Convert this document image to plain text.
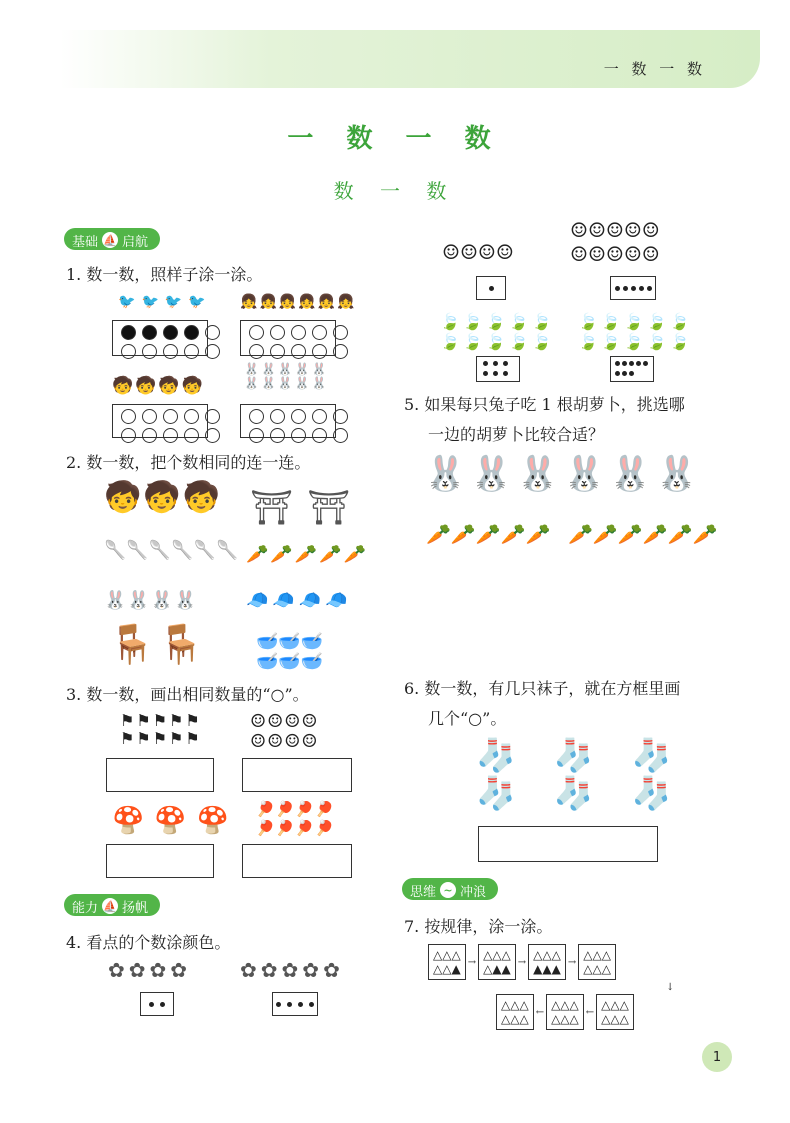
一 数 一 数
一 数 一 数
数 一 数
基础 ⛵ 启航
1. 数一数，照样子涂一涂。
🐦🐦🐦🐦 👧👧👧👧👧👧
🧒🧒🧒🧒
🐰🐰🐰🐰🐰
🐰🐰🐰🐰🐰
2. 数一数，把个数相同的连一连。
🧒🧒🧒 ⛩⛩
🥄🥄🥄🥄🥄🥄 🥕🥕🥕🥕🥕
🐰🐰🐰🐰	🧢🧢🧢🧢
🪑🪑	🥣🥣🥣
🥣🥣🥣
3. 数一数，画出相同数量的“○”。
⚑⚑⚑⚑⚑
⚑⚑⚑⚑⚑
☺☺☺☺
☺☺☺☺
🍄🍄🍄 🏓🏓🏓🏓
🏓🏓🏓🏓
能力 ⛵ 扬帆
4. 看点的个数涂颜色。
✿✿✿✿ ✿✿✿✿✿
☺☺☺☺
☺☺☺☺☺
☺☺☺☺☺
🍃🍃🍃🍃🍃
🍃🍃🍃🍃🍃
🍃🍃🍃🍃🍃
🍃🍃🍃🍃🍃
5. 如果每只兔子吃 1 根胡萝卜，挑选哪
一边的胡萝卜比较合适？
🐰🐰🐰🐰🐰🐰
🥕🥕🥕🥕🥕 🥕🥕🥕🥕🥕🥕
6. 数一数，有几只袜子，就在方框里画
几个“○”。
🧦🧦🧦
🧦🧦🧦
思维 ~ 冲浪
7. 按规律，涂一涂。
△△△
△△▲ → △△△
△▲▲ → △△△
▲▲▲ → △△△
△△△
↓
△△△
△△△ ← △△△
△△△ ← △△△
△△△
1
